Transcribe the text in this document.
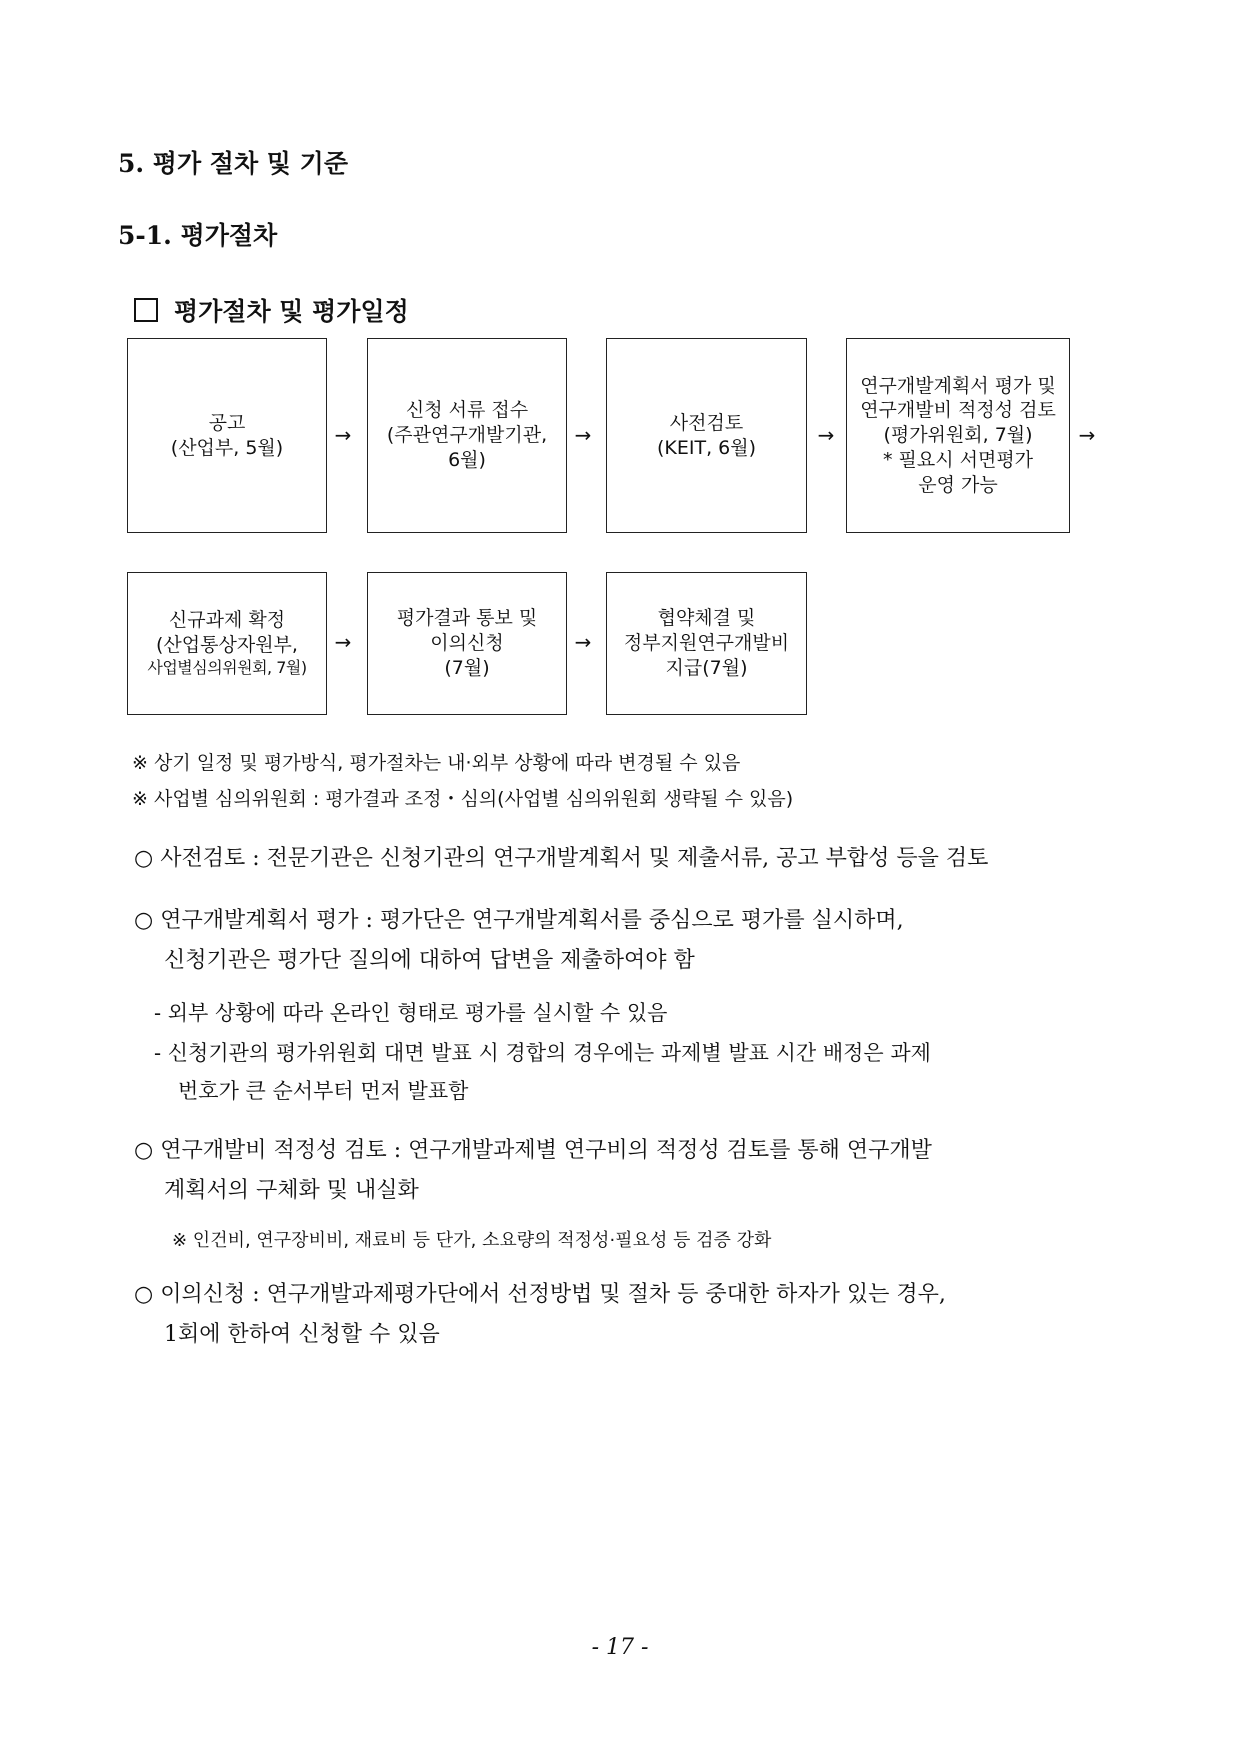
5. 평가 절차 및 기준
5-1. 평가절차
평가절차 및 평가일정
공고
(산업부, 5월)
→
신청 서류 접수
(주관연구개발기관,
6월)
→
사전검토
(KEIT, 6월)
→
연구개발계획서 평가 및
연구개발비 적정성 검토
(평가위원회, 7월)
* 필요시 서면평가
운영 가능
→
신규과제 확정
(산업통상자원부,
사업별심의위원회, 7월)
→
평가결과 통보 및
이의신청
(7월)
→
협약체결 및
정부지원연구개발비
지급(7월)
※ 상기 일정 및 평가방식, 평가절차는 내·외부 상황에 따라 변경될 수 있음
※ 사업별 심의위원회 : 평가결과 조정・심의(사업별 심의위원회 생략될 수 있음)
○ 사전검토 : 전문기관은 신청기관의 연구개발계획서 및 제출서류, 공고 부합성 등을 검토
○ 연구개발계획서 평가 : 평가단은 연구개발계획서를 중심으로 평가를 실시하며,
신청기관은 평가단 질의에 대하여 답변을 제출하여야 함
- 외부 상황에 따라 온라인 형태로 평가를 실시할 수 있음
- 신청기관의 평가위원회 대면 발표 시 경합의 경우에는 과제별 발표 시간 배정은 과제
번호가 큰 순서부터 먼저 발표함
○ 연구개발비 적정성 검토 : 연구개발과제별 연구비의 적정성 검토를 통해 연구개발
계획서의 구체화 및 내실화
※ 인건비, 연구장비비, 재료비 등 단가, 소요량의 적정성·필요성 등 검증 강화
○ 이의신청 : 연구개발과제평가단에서 선정방법 및 절차 등 중대한 하자가 있는 경우,
1회에 한하여 신청할 수 있음
- 17 -
